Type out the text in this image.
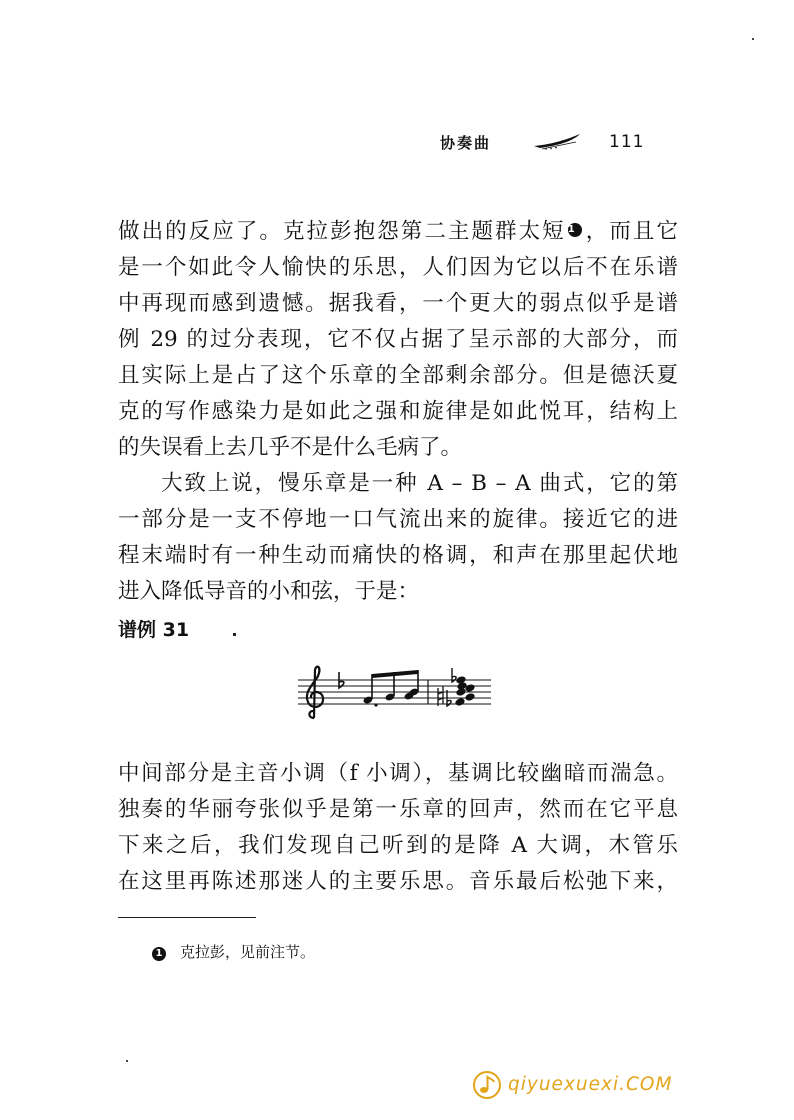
协奏曲	111
做出的反应了。克拉彭抱怨第二主题群太短 1 ，而且它
是一个如此令人愉快的乐思，人们因为它以后不在乐谱
中再现而感到遗憾。据我看，一个更大的弱点似乎是谱
例 29 的过分表现，它不仅占据了呈示部的大部分，而
且实际上是占了这个乐章的全部剩余部分。但是德沃夏
克的写作感染力是如此之强和旋律是如此悦耳，结构上
的失误看上去几乎不是什么毛病了。
大致上说，慢乐章是一种 A – B – A 曲式，它的第
一部分是一支不停地一口气流出来的旋律。接近它的进
程末端时有一种生动而痛快的格调，和声在那里起伏地
进入降低导音的小和弦，于是：
谱例 31
中间部分是主音小调（f 小调），基调比较幽暗而湍急。
独奏的华丽夸张似乎是第一乐章的回声，然而在它平息
下来之后，我们发现自己听到的是降 A 大调，木管乐
在这里再陈述那迷人的主要乐思。音乐最后松弛下来，
1 克拉彭，见前注节。
qiyuexuexi.COM
